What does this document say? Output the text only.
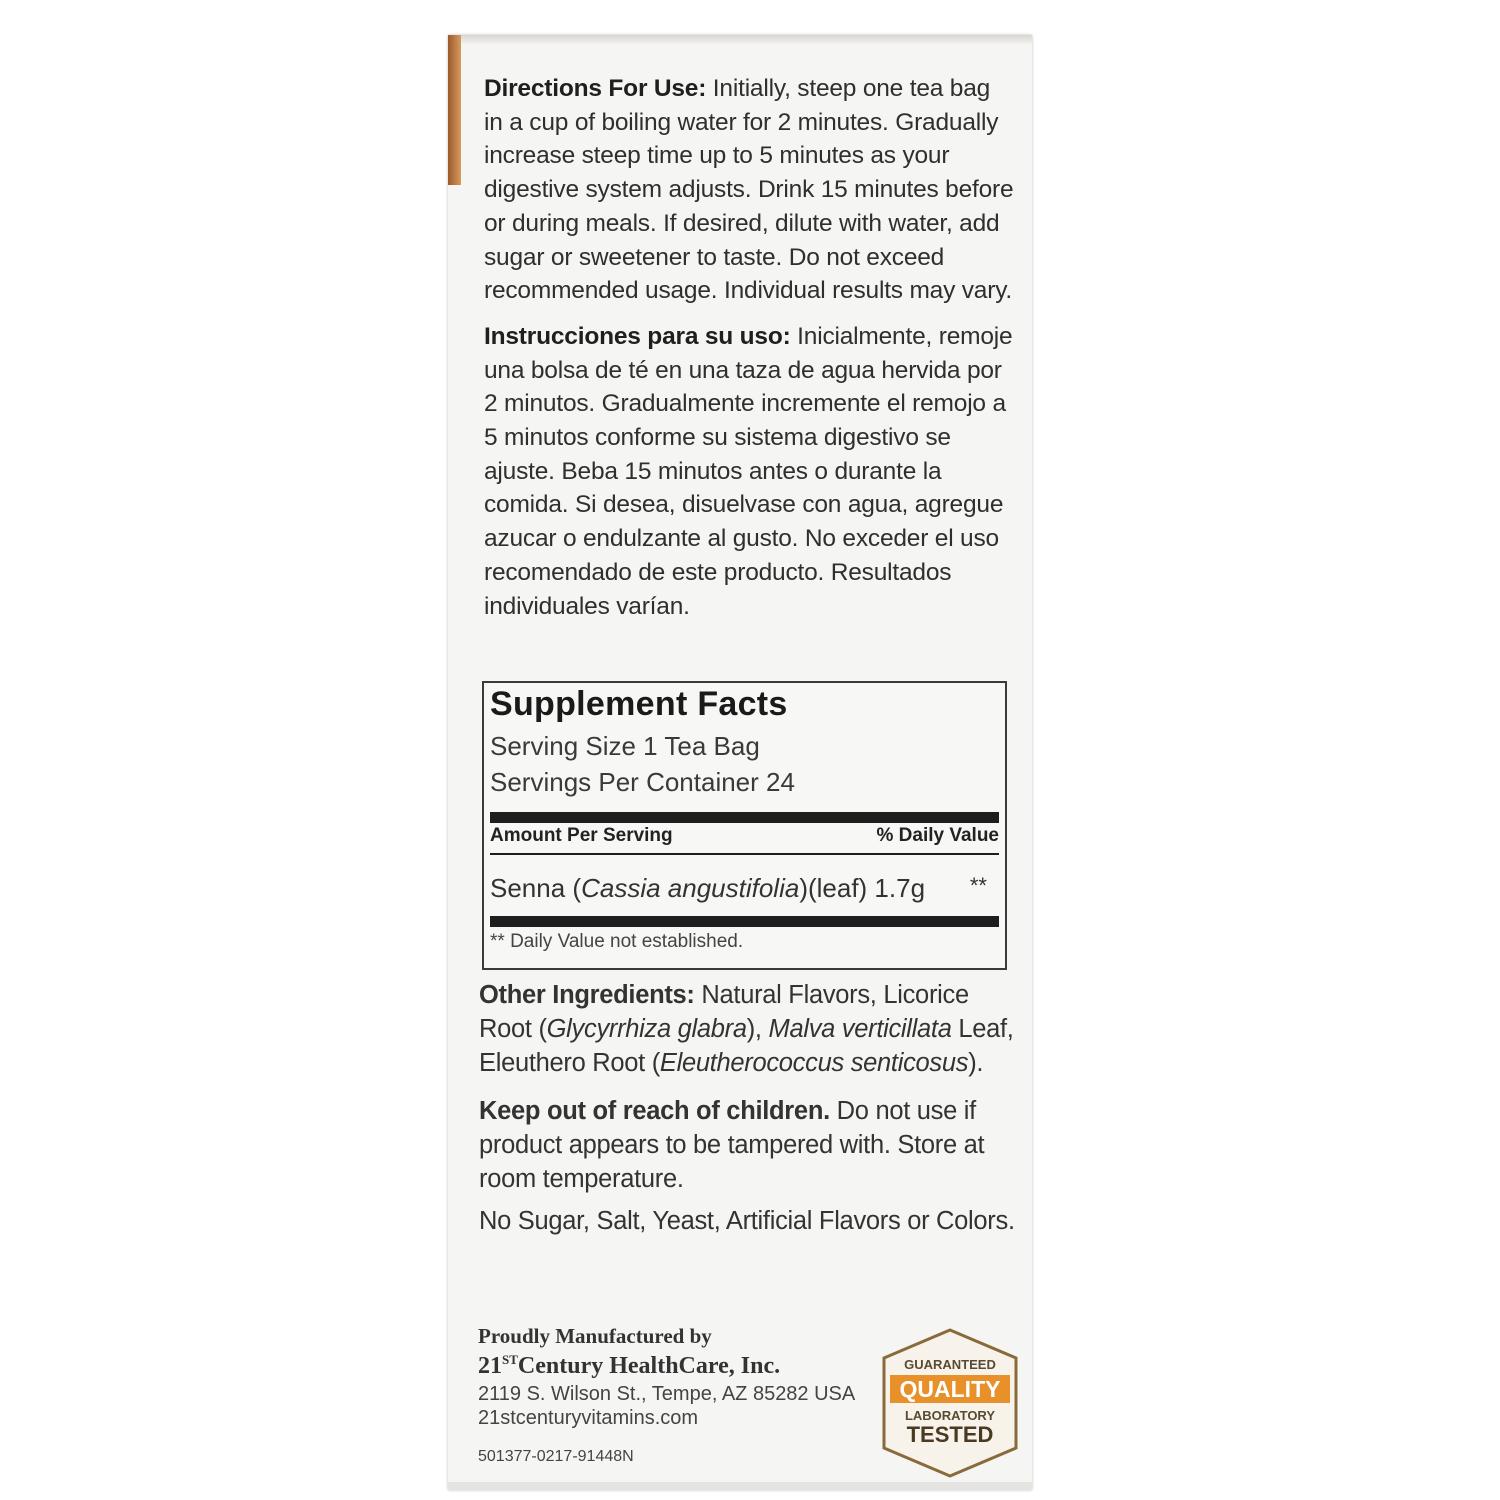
Directions For Use: Initially, steep one tea bag in a cup of boiling water for 2 minutes. Gradually increase steep time up to 5 minutes as your digestive system adjusts. Drink 15 minutes before or during meals. If desired, dilute with water, add sugar or sweetener to taste. Do not exceed recommended usage. Individual results may vary.

Instrucciones para su uso: Inicialmente, remoje una bolsa de té en una taza de agua hervida por 2 minutos. Gradualmente incremente el remojo a 5 minutos conforme su sistema digestivo se ajuste. Beba 15 minutos antes o durante la comida. Si desea, disuelvase con agua, agregue azucar o endulzante al gusto. No exceder el uso recomendado de este producto. Resultados individuales varían.

Supplement Facts
Serving Size 1 Tea Bag
Servings Per Container 24
Amount Per Serving	% Daily Value
Senna (Cassia angustifolia)(leaf) 1.7g **
** Daily Value not established.

Other Ingredients: Natural Flavors, Licorice Root (Glycyrrhiza glabra), Malva verticillata Leaf, Eleuthero Root (Eleutherococcus senticosus).

Keep out of reach of children. Do not use if product appears to be tampered with. Store at room temperature.

No Sugar, Salt, Yeast, Artificial Flavors or Colors.

Proudly Manufactured by
21STCentury HealthCare, Inc.
2119 S. Wilson St., Tempe, AZ 85282 USA
21stcenturyvitamins.com
501377-0217-91448N
GUARANTEED
QUALITY
LABORATORY
TESTED
